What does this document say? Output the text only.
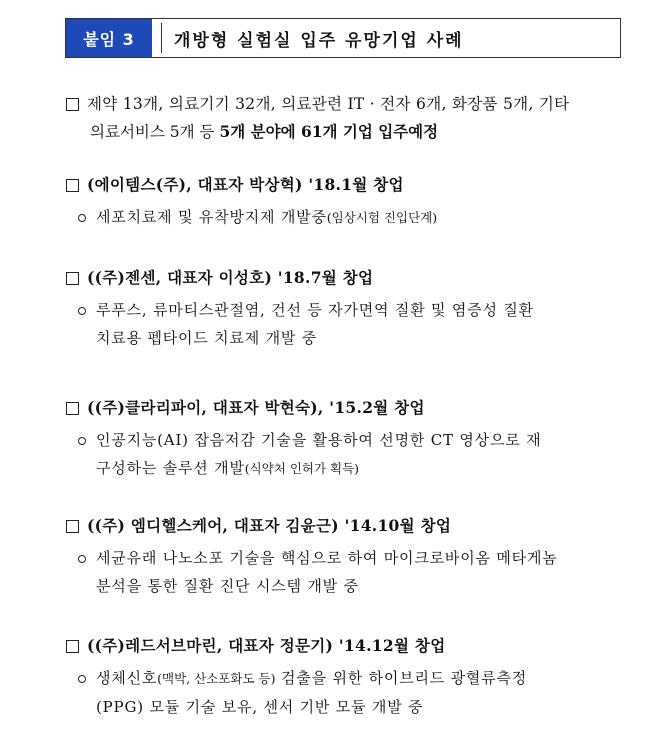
붙임 3	개방형 실험실 입주 유망기업 사례
제약 13개, 의료기기 32개, 의료관련 IT · 전자 6개, 화장품 5개, 기타
의료서비스 5개 등 5개 분야에 61개 기업 입주예정
(에이템스(주), 대표자 박상혁) '18.1월 창업
세포치료제 및 유착방지제 개발중(임상시험 진입단계)
((주)젠센, 대표자 이성호) '18.7월 창업
루푸스, 류마티스관절염, 건선 등 자가면역 질환 및 염증성 질환
치료용 펩타이드 치료제 개발 중
((주)클라리파이, 대표자 박현숙), '15.2월 창업
인공지능(AI) 잡음저감 기술을 활용하여 선명한 CT 영상으로 재
구성하는 솔루션 개발(식약처 인허가 획득)
((주) 엠디헬스케어, 대표자 김윤근) '14.10월 창업
세균유래 나노소포 기술을 핵심으로 하여 마이크로바이옴 메타게놈
분석을 통한 질환 진단 시스템 개발 중
((주)레드서브마린, 대표자 정문기) '14.12월 창업
생체신호(맥박, 산소포화도 등) 검출을 위한 하이브리드 광혈류측정
(PPG) 모듈 기술 보유, 센서 기반 모듈 개발 중
